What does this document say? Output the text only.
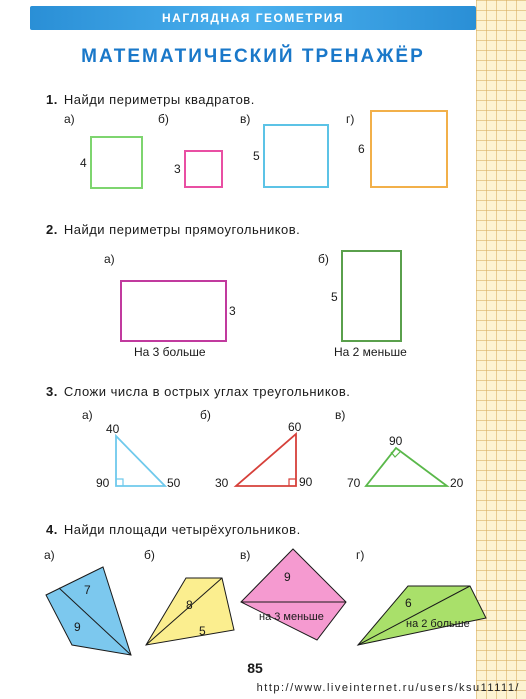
НАГЛЯДНАЯ ГЕОМЕТРИЯ
МАТЕМАТИЧЕСКИЙ ТРЕНАЖЁР
1. Найди периметры квадратов.
а)	б)	в)	г)
4	3
5	6
2. Найди периметры прямоугольников.
а)	б)
3
На 3 больше
5
На 2 меньше
3. Сложи числа в острых углах треугольников.
а)	б)	в)
40
90	50
60
30	90
90
70	20
4. Найди площади четырёхугольников.
а)	б)	в)	г)
7
9
8
5
9
на 3 меньше
6
на 2 больше
85
http://www.liveinternet.ru/users/ksu11111/
